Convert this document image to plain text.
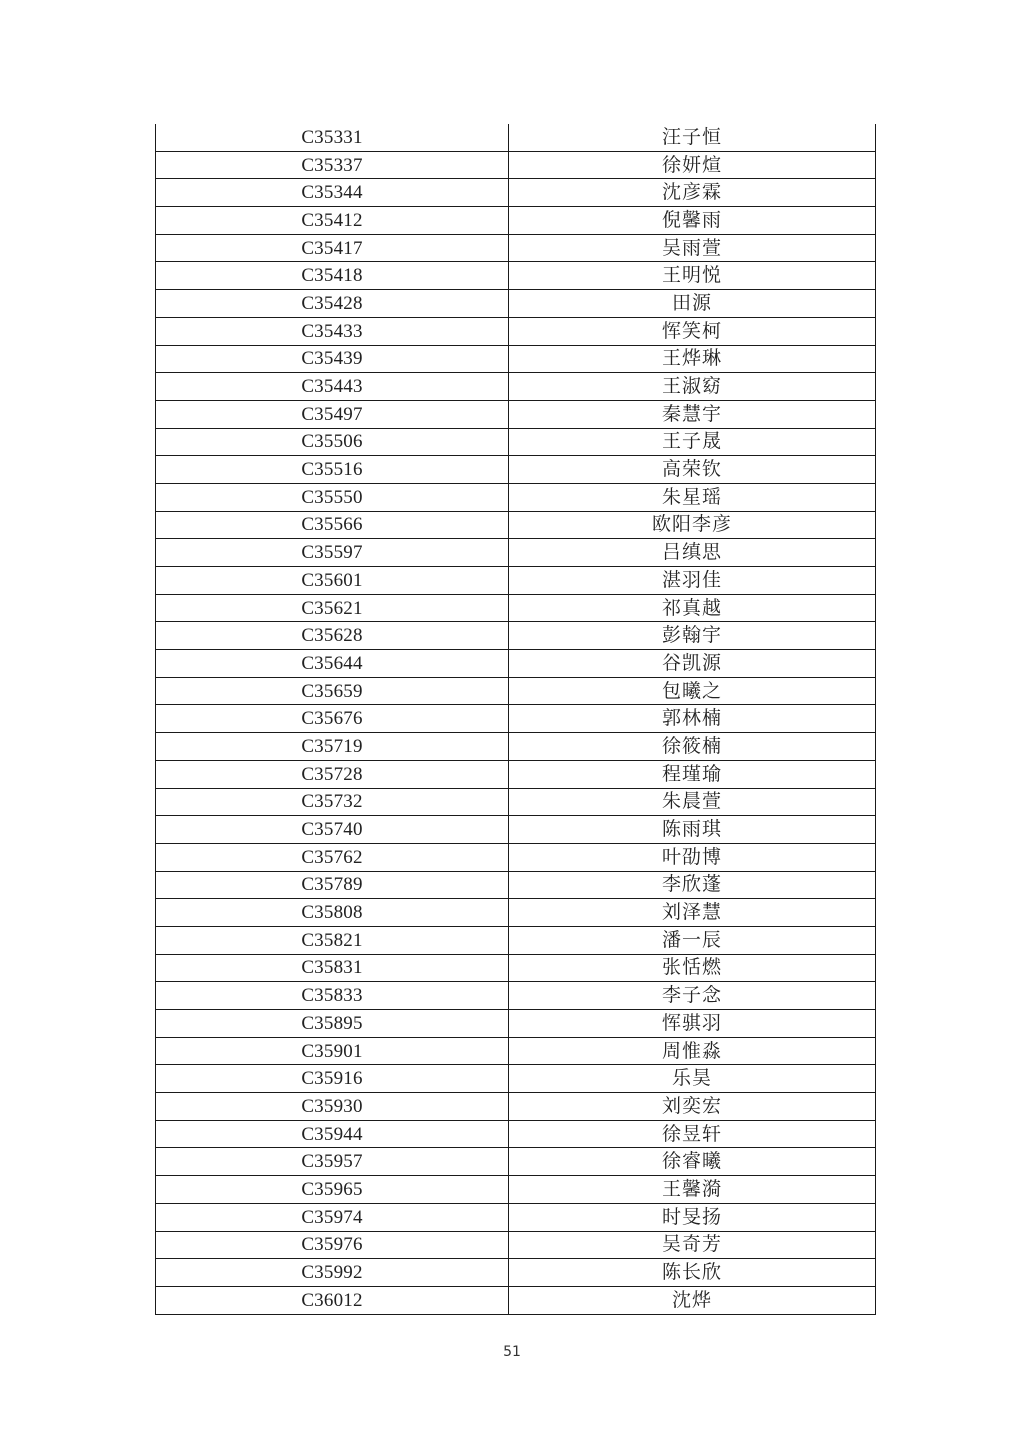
C35331	汪子恒
C35337	徐妍煊
C35344	沈彦霖
C35412	倪馨雨
C35417	吴雨萱
C35418	王明悦
C35428	田源
C35433	恽笑柯
C35439	王烨琳
C35443	王淑窈
C35497	秦慧宇
C35506	王子晟
C35516	高荣钦
C35550	朱星瑶
C35566	欧阳李彦
C35597	吕缜思
C35601	湛羽佳
C35621	祁真越
C35628	彭翰宇
C35644	谷凯源
C35659	包曦之
C35676	郭林楠
C35719	徐筱楠
C35728	程瑾瑜
C35732	朱晨萱
C35740	陈雨琪
C35762	叶劭博
C35789	李欣蓬
C35808	刘泽慧
C35821	潘一辰
C35831	张恬燃
C35833	李子念
C35895	恽骐羽
C35901	周惟淼
C35916	乐昊
C35930	刘奕宏
C35944	徐昱轩
C35957	徐睿曦
C35965	王馨漪
C35974	时旻扬
C35976	吴奇芳
C35992	陈长欣
C36012	沈烨
51
